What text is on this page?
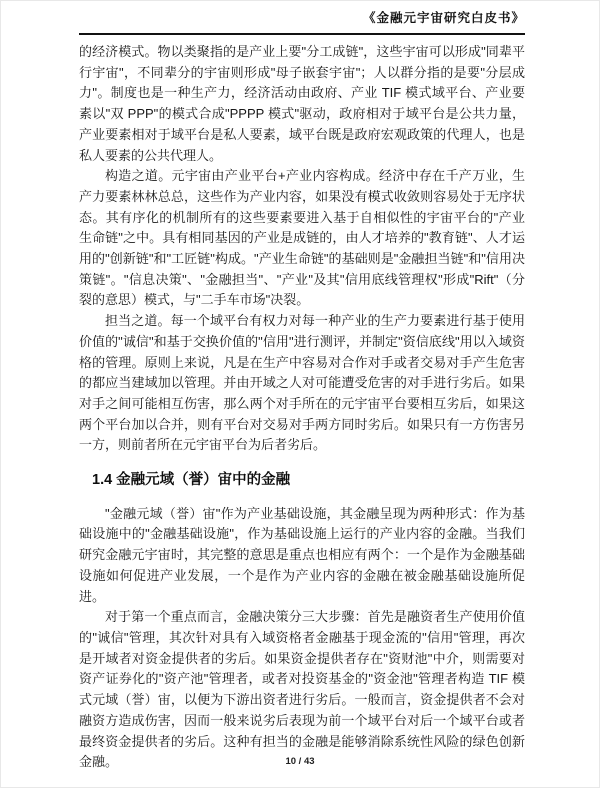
《金融元宇宙研究白皮书》

的经济模式。物以类聚指的是产业上要"分工成链"，这些宇宙可以形成"同辈平行宇宙"，不同辈分的宇宙则形成"母子嵌套宇宙"；人以群分指的是要"分层成力"。制度也是一种生产力，经济活动由政府、产业 TIF 模式域平台、产业要素以"双 PPP"的模式合成"PPPP 模式"驱动，政府相对于域平台是公共力量，产业要素相对于域平台是私人要素，域平台既是政府宏观政策的代理人，也是私人要素的公共代理人。

构造之道。元宇宙由产业平台+产业内容构成。经济中存在千产万业，生产力要素林林总总，这些作为产业内容，如果没有模式收敛则容易处于无序状态。其有序化的机制所有的这些要素要进入基于自相似性的宇宙平台的"产业生命链"之中。具有相同基因的产业是成链的，由人才培养的"教育链"、人才运用的"创新链"和"工匠链"构成。"产业生命链"的基础则是"金融担当链"和"信用决策链"。"信息决策"、"金融担当"、"产业"及其"信用底线管理权"形成"Rift"（分裂的意思）模式，与"二手车市场"决裂。

担当之道。每一个域平台有权力对每一种产业的生产力要素进行基于使用价值的"诚信"和基于交换价值的"信用"进行测评，并制定"资信底线"用以入域资格的管理。原则上来说，凡是在生产中容易对合作对手或者交易对手产生危害的都应当建域加以管理。并由开域之人对可能遭受危害的对手进行劣后。如果对手之间可能相互伤害，那么两个对手所在的元宇宙平台要相互劣后，如果这两个平台加以合并，则有平台对交易对手两方同时劣后。如果只有一方伤害另一方，则前者所在元宇宙平台为后者劣后。

1.4 金融元域（誉）宙中的金融

"金融元域（誉）宙"作为产业基础设施，其金融呈现为两种形式：作为基础设施中的"金融基础设施"，作为基础设施上运行的产业内容的金融。当我们研究金融元宇宙时，其完整的意思是重点也相应有两个：一个是作为金融基础设施如何促进产业发展，一个是作为产业内容的金融在被金融基础设施所促进。

对于第一个重点而言，金融决策分三大步骤：首先是融资者生产使用价值的"诚信"管理，其次针对具有入域资格者金融基于现金流的"信用"管理，再次是开域者对资金提供者的劣后。如果资金提供者存在"资财池"中介，则需要对资产证券化的"资产池"管理者，或者对投资基金的"资金池"管理者构造 TIF 模式元域（誉）宙，以便为下游出资者进行劣后。一般而言，资金提供者不会对融资方造成伤害，因而一般来说劣后表现为前一个域平台对后一个域平台或者最终资金提供者的劣后。这种有担当的金融是能够消除系统性风险的绿色创新金融。	10 / 43
